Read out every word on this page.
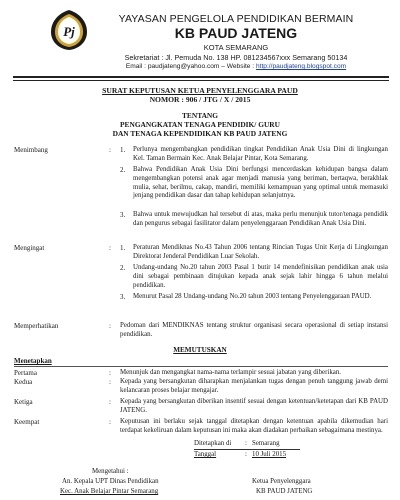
Pj
YAYASAN PENGELOLA PENDIDIKAN BERMAIN
KB PAUD JATENG
KOTA SEMARANG
Sekretariat : Jl. Pemuda No. 138 HP. 081234567xxx Semarang 50134
Email : paudjateng@yahoo.com – Website : http://paudjateng.blogspot.com
SURAT KEPUTUSAN KETUA PENYELENGGARA PAUD
NOMOR : 906 / JTG / X / 2015
TENTANG
PENGANGKATAN TENAGA PENDIDIK/ GURU
DAN TENAGA KEPENDIDIKAN KB PAUD JATENG
Menimbang	: 1. Perlunya mengembangkan pendidikan tingkat Pendidikan Anak Usia Dini di lingkungan Kel. Taman Bermain Kec. Anak Belajar Pintar, Kota Semarang.
2. Bahwa Pendidikan Anak Usia Dini berfungsi mencerdaskan kehidupan bangsa dalam mengembangkan potensi anak agar menjadi manusia yang beriman, bertaqwa, berakhlak mulia, sehat, berilmu, cakap, mandiri, memiliki kemampuan yang optimal untuk memasuki jenjang pendidikan dasar dan tahap kehidupan selanjutnya.
3. Bahwa untuk mewujudkan hal tersebut di atas, maka perlu menunjuk tutor/tenaga pendidik dan pengurus sebagai fasilitator dalam penyelenggaraan Pendidikan Anak Usia Dini.
Mengingat	: 1. Peraturan Mendiknas No.43 Tahun 2006 tentang Rincian Tugas Unit Kerja di Lingkungan Direktorat Jenderal Pendidikan Luar Sekolah.
2. Undang-undang No.20 tahun 2003 Pasal 1 butir 14 mendefinisikan pendidikan anak usia dini sebagai pembinaan ditujukan kepada anak sejak lahir hingga 6 tahun melalui pendidikan.
3. Menurut Pasal 28 Undang-undang No.20 tahun 2003 tentang Penyelenggaraan PAUD.
Memperhatikan	: Pedoman dari MENDIKNAS tentang struktur organisasi secara operasional di setiap instansi pendidikan.
MEMUTUSKAN
Menetapkan
Pertama	: Menunjuk dan mengangkat nama-nama terlampir sesuai jabatan yang diberikan.
Kedua	: Kepada yang bersangkutan diharapkan menjalankan tugas dengan penuh tanggung jawab demi kelancaran proses belajar mengajar.
Ketiga	: Kepada yang bersangkutan diberikan insentif sesuai dengan ketentuan/ketetapan dari KB PAUD JATENG.
Keempat	: Keputusan ini berlaku sejak tanggal ditetapkan dengan ketentuan apabila dikemudian hari terdapat kekeliruan dalam keputusan ini maka akan diadakan perbaikan sebagaimana mestinya.
Ditetapkan di : Semarang
Tanggal	: 10 Juli 2015
Mengetahui :
An. Kepala UPT Dinas Pendidikan
Kec. Anak Belajar Pintar Semarang
Ketua Penyelenggara
KB PAUD JATENG
